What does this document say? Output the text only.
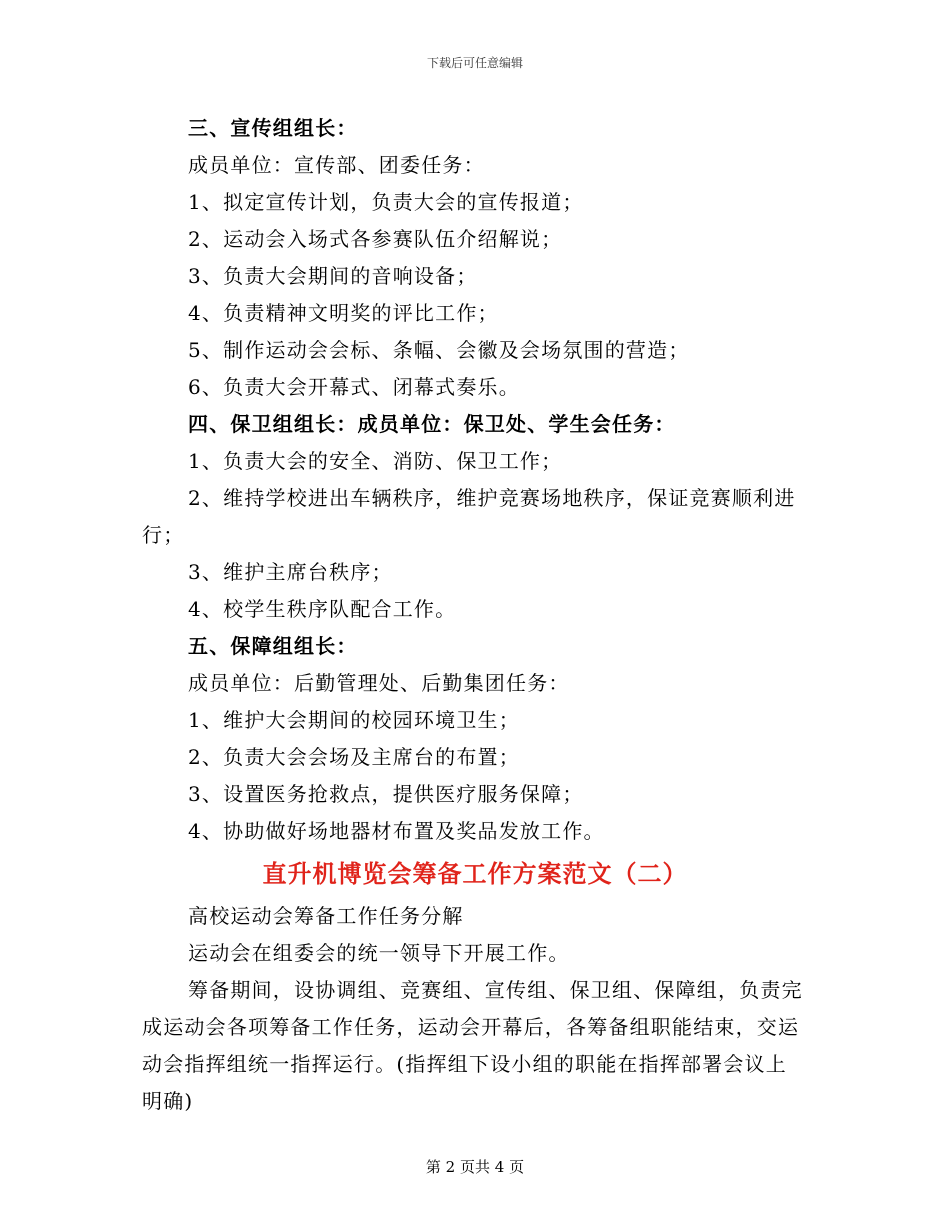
下载后可任意编辑
三、宣传组组长：
成员单位：宣传部、团委任务：
1、拟定宣传计划，负责大会的宣传报道；
2、运动会入场式各参赛队伍介绍解说；
3、负责大会期间的音响设备；
4、负责精神文明奖的评比工作；
5、制作运动会会标、条幅、会徽及会场氛围的营造；
6、负责大会开幕式、闭幕式奏乐。
四、保卫组组长：成员单位：保卫处、学生会任务：
1、负责大会的安全、消防、保卫工作；
2、维持学校进出车辆秩序，维护竞赛场地秩序，保证竞赛顺利进行；
3、维护主席台秩序；
4、校学生秩序队配合工作。
五、保障组组长：
成员单位：后勤管理处、后勤集团任务：
1、维护大会期间的校园环境卫生；
2、负责大会会场及主席台的布置；
3、设置医务抢救点，提供医疗服务保障；
4、协助做好场地器材布置及奖品发放工作。
直升机博览会筹备工作方案范文（二）
高校运动会筹备工作任务分解
运动会在组委会的统一领导下开展工作。
筹备期间，设协调组、竞赛组、宣传组、保卫组、保障组，负责完成运动会各项筹备工作任务，运动会开幕后，各筹备组职能结束，交运动会指挥组统一指挥运行。(指挥组下设小组的职能在指挥部署会议上明确)
第 2 页共 4 页
